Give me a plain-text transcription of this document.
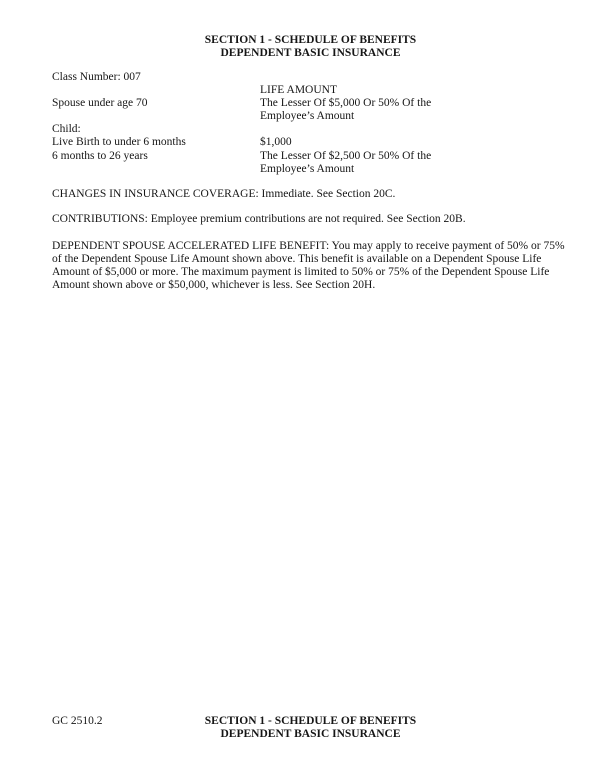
SECTION 1 - SCHEDULE OF BENEFITS
DEPENDENT BASIC INSURANCE
Class Number: 007
LIFE AMOUNT
Spouse under age 70	The Lesser Of $5,000 Or 50% Of the
Employee’s Amount
Child:
Live Birth to under 6 months	$1,000
6 months to 26 years	The Lesser Of $2,500 Or 50% Of the
Employee’s Amount
CHANGES IN INSURANCE COVERAGE: Immediate. See Section 20C.
CONTRIBUTIONS: Employee premium contributions are not required. See Section 20B.
DEPENDENT SPOUSE ACCELERATED LIFE BENEFIT: You may apply to receive payment of 50% or 75% of the Dependent Spouse Life Amount shown above. This benefit is available on a Dependent Spouse Life Amount of $5,000 or more. The maximum payment is limited to 50% or 75% of the Dependent Spouse Life Amount shown above or $50,000, whichever is less. See Section 20H.
SECTION 1 - SCHEDULE OF BENEFITS
DEPENDENT BASIC INSURANCE
GC 2510.2
